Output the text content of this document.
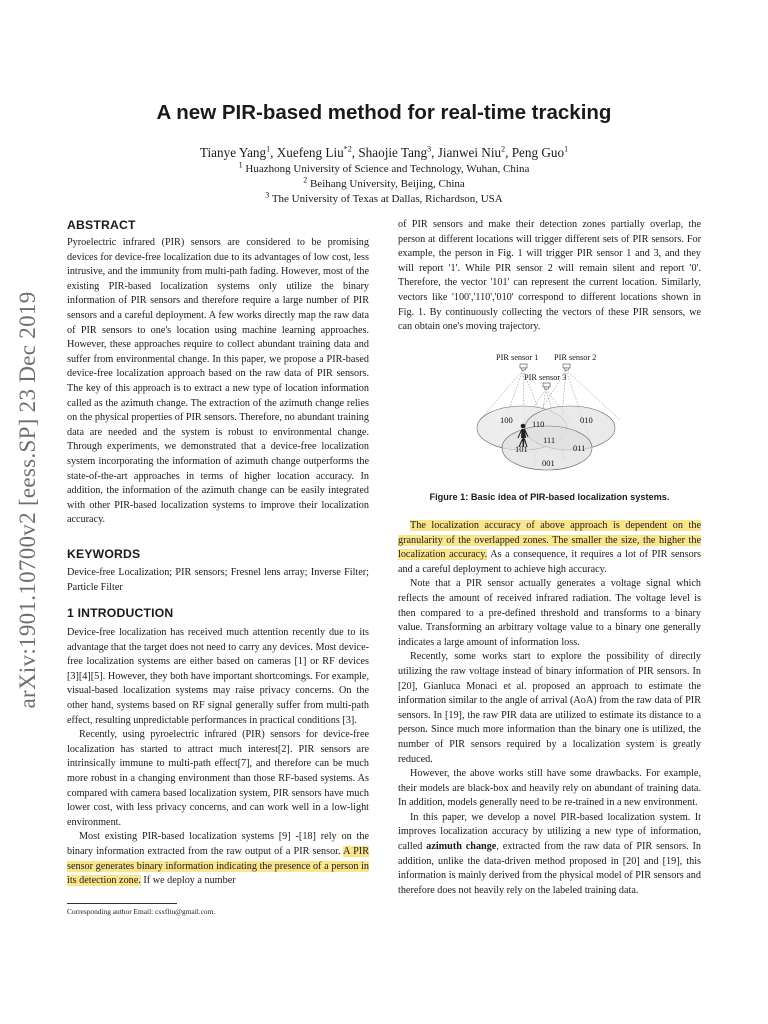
arXiv:1901.10700v2 [eess.SP] 23 Dec 2019
A new PIR-based method for real-time tracking
Tianye Yang$^1$, Xuefeng Liu$^{*2}$, Shaojie Tang$^3$, Jianwei Niu$^2$, Peng Guo$^1$
$^1$ Huazhong University of Science and Technology, Wuhan, China
$^2$ Beihang University, Beijing, China
$^3$ The University of Texas at Dallas, Richardson, USA
ABSTRACT

Pyroelectric infrared (PIR) sensors are considered to be promising devices for device-free localization due to its advantages of low cost, less intrusive, and the immunity from multi-path fading. However, most of the existing PIR-based localization systems only utilize the binary information of PIR sensors and therefore require a large number of PIR sensors and a careful deployment. A few works directly map the raw data of PIR sensors to one's location using machine learning approaches. However, these approaches require to collect abundant training data and suffer from environmental change. In this paper, we propose a PIR-based device-free localization approach based on the raw data of PIR sensors. The key of this approach is to extract a new type of location information called as the azimuth change. The extraction of the azimuth change relies on the physical properties of PIR sensors. Therefore, no abundant training data are needed and the system is robust to environmental change. Through experiments, we demonstrated that a device-free localization system incorporating the information of azimuth change outperforms the state-of-the-art approaches in terms of higher location accuracy. In addition, the information of the azimuth change can be easily integrated with other PIR-based localization systems to improve their localization accuracy.

KEYWORDS

Device-free Localization; PIR sensors; Fresnel lens array; Inverse Filter; Particle Filter

1 INTRODUCTION

Device-free localization has received much attention recently due to its advantage that the target does not need to carry any devices. Most device-free localization systems are either based on cameras [1] or RF devices [3][4][5]. However, they both have important shortcomings. For example, visual-based localization systems may raise privacy concerns. On the other hand, systems based on RF signal generally suffer from multi-path effect, resulting unpredictable performances in practical conditions [3].

Recently, using pyroelectric infrared (PIR) sensors for device-free localization has started to attract much interest[2]. PIR sensors are intrinsically immune to multi-path effect[7], and therefore can be much more robust in a changing environment than those RF-based systems. As compared with camera based localization system, PIR sensors have much lower cost, with less privacy concerns, and can work well in a low-light environment.

Most existing PIR-based localization systems [9] -[18] rely on the binary information extracted from the raw output of a PIR sensor. A PIR sensor generates binary information indicating the presence of a person in its detection zone. If we deploy a number

Corresponding author Email: csxfliu@gmail.com.

of PIR sensors and make their detection zones partially overlap, the person at different locations will trigger different sets of PIR sensors. For example, the person in Fig. 1 will trigger PIR sensor 1 and 3, and they will report '1'. While PIR sensor 2 will remain silent and report '0'. Therefore, the vector '101' can represent the current location. Similarly, vectors like '100','110','010' correspond to different locations shown in Fig. 1. By continuously collecting the vectors of these PIR sensors, we can obtain one's moving trajectory.

PIR sensor 1 PIR sensor 2
PIR sensor 3
100 110	010
111
101	011
001
Figure 1: Basic idea of PIR-based localization systems.

The localization accuracy of above approach is dependent on the granularity of the overlapped zones. The smaller the size, the higher the localization accuracy. As a consequence, it requires a lot of PIR sensors and a careful deployment to achieve high accuracy.

Note that a PIR sensor actually generates a voltage signal which reflects the amount of received infrared radiation. The voltage level is then compared to a pre-defined threshold and transforms to a binary value. Transforming an arbitrary voltage value to a binary one generally indicates a large amount of information loss.

Recently, some works start to explore the possibility of directly utilizing the raw voltage instead of binary information of PIR sensors. In [20], Gianluca Monaci et al. proposed an approach to estimate the information similar to the angle of arrival (AoA) from the raw data of PIR sensors. In [19], the raw PIR data are utilized to estimate its distance to a person. Since much more information than the binary one is utilized, the number of PIR sensors required by a localization system is greatly reduced.

However, the above works still have some drawbacks. For example, their models are black-box and heavily rely on abundant of training data. In addition, models generally need to be re-trained in a new environment.

In this paper, we develop a novel PIR-based localization system. It improves localization accuracy by utilizing a new type of information, called azimuth change, extracted from the raw data of PIR sensors. In addition, unlike the data-driven method proposed in [20] and [19], this information is mainly derived from the physical model of PIR sensors and therefore does not heavily rely on the labeled training data.
